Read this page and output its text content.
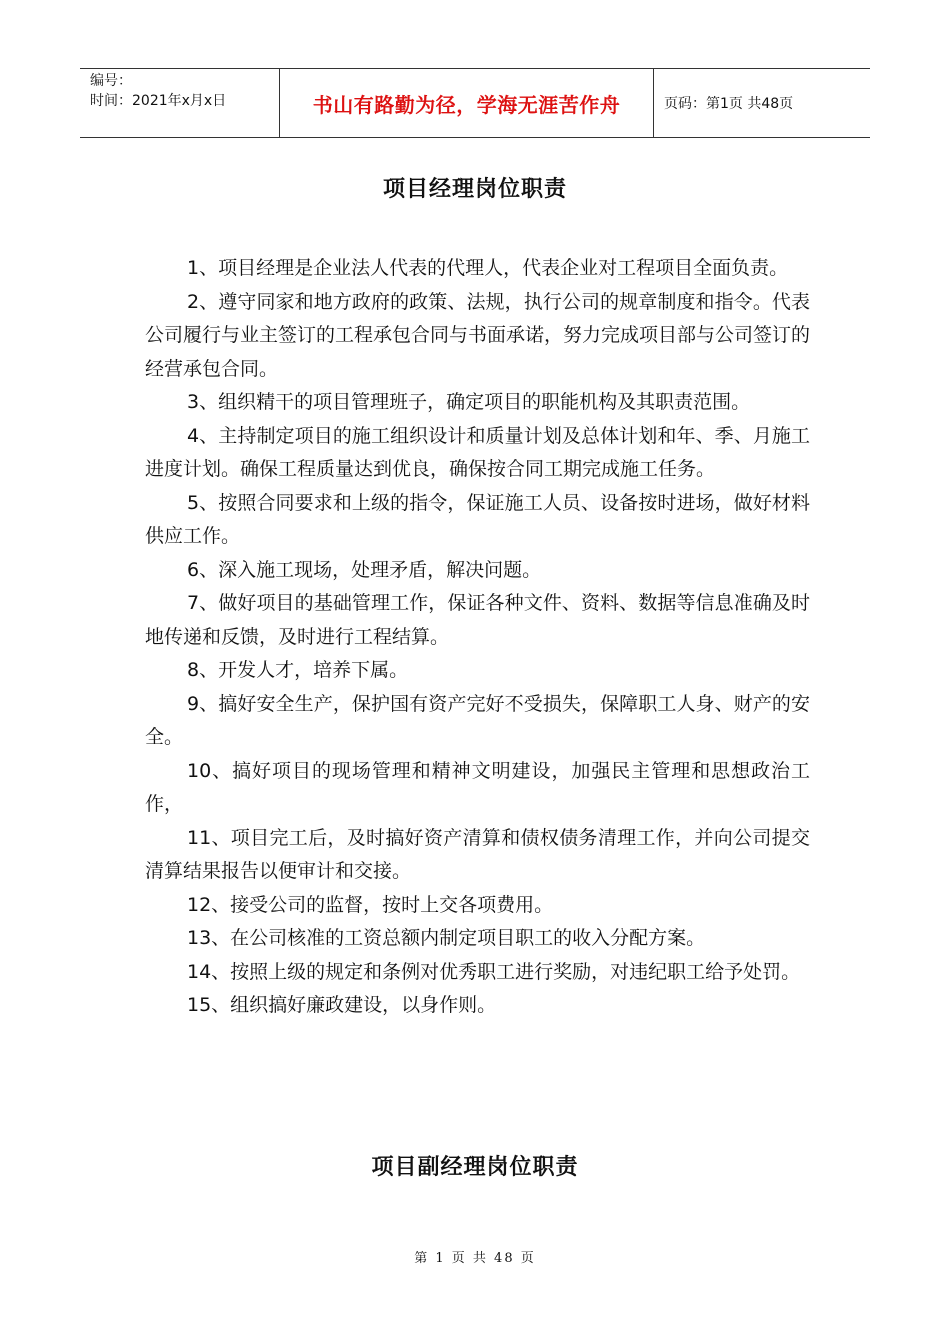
编号：
时间：2021年x月x日	书山有路勤为径，学海无涯苦作舟	页码：第1页 共48页
项目经理岗位职责

1、项目经理是企业法人代表的代理人，代表企业对工程项目全面负责。

2、遵守同家和地方政府的政策、法规，执行公司的规章制度和指令。代表公司履行与业主签订的工程承包合同与书面承诺，努力完成项目部与公司签订的经营承包合同。

3、组织精干的项目管理班子，确定项目的职能机构及其职责范围。

4、主持制定项目的施工组织设计和质量计划及总体计划和年、季、月施工进度计划。确保工程质量达到优良，确保按合同工期完成施工任务。

5、按照合同要求和上级的指令，保证施工人员、设备按时进场，做好材料供应工作。

6、深入施工现场，处理矛盾，解决问题。

7、做好项目的基础管理工作，保证各种文件、资料、数据等信息准确及时地传递和反馈，及时进行工程结算。

8、开发人才，培养下属。

9、搞好安全生产，保护国有资产完好不受损失，保障职工人身、财产的安全。

10、搞好项目的现场管理和精神文明建设，加强民主管理和思想政治工作，

11、项目完工后，及时搞好资产清算和债权债务清理工作，并向公司提交清算结果报告以便审计和交接。

12、接受公司的监督，按时上交各项费用。

13、在公司核准的工资总额内制定项目职工的收入分配方案。

14、按照上级的规定和条例对优秀职工进行奖励，对违纪职工给予处罚。

15、组织搞好廉政建设，以身作则。

项目副经理岗位职责
第 1 页 共 48 页
